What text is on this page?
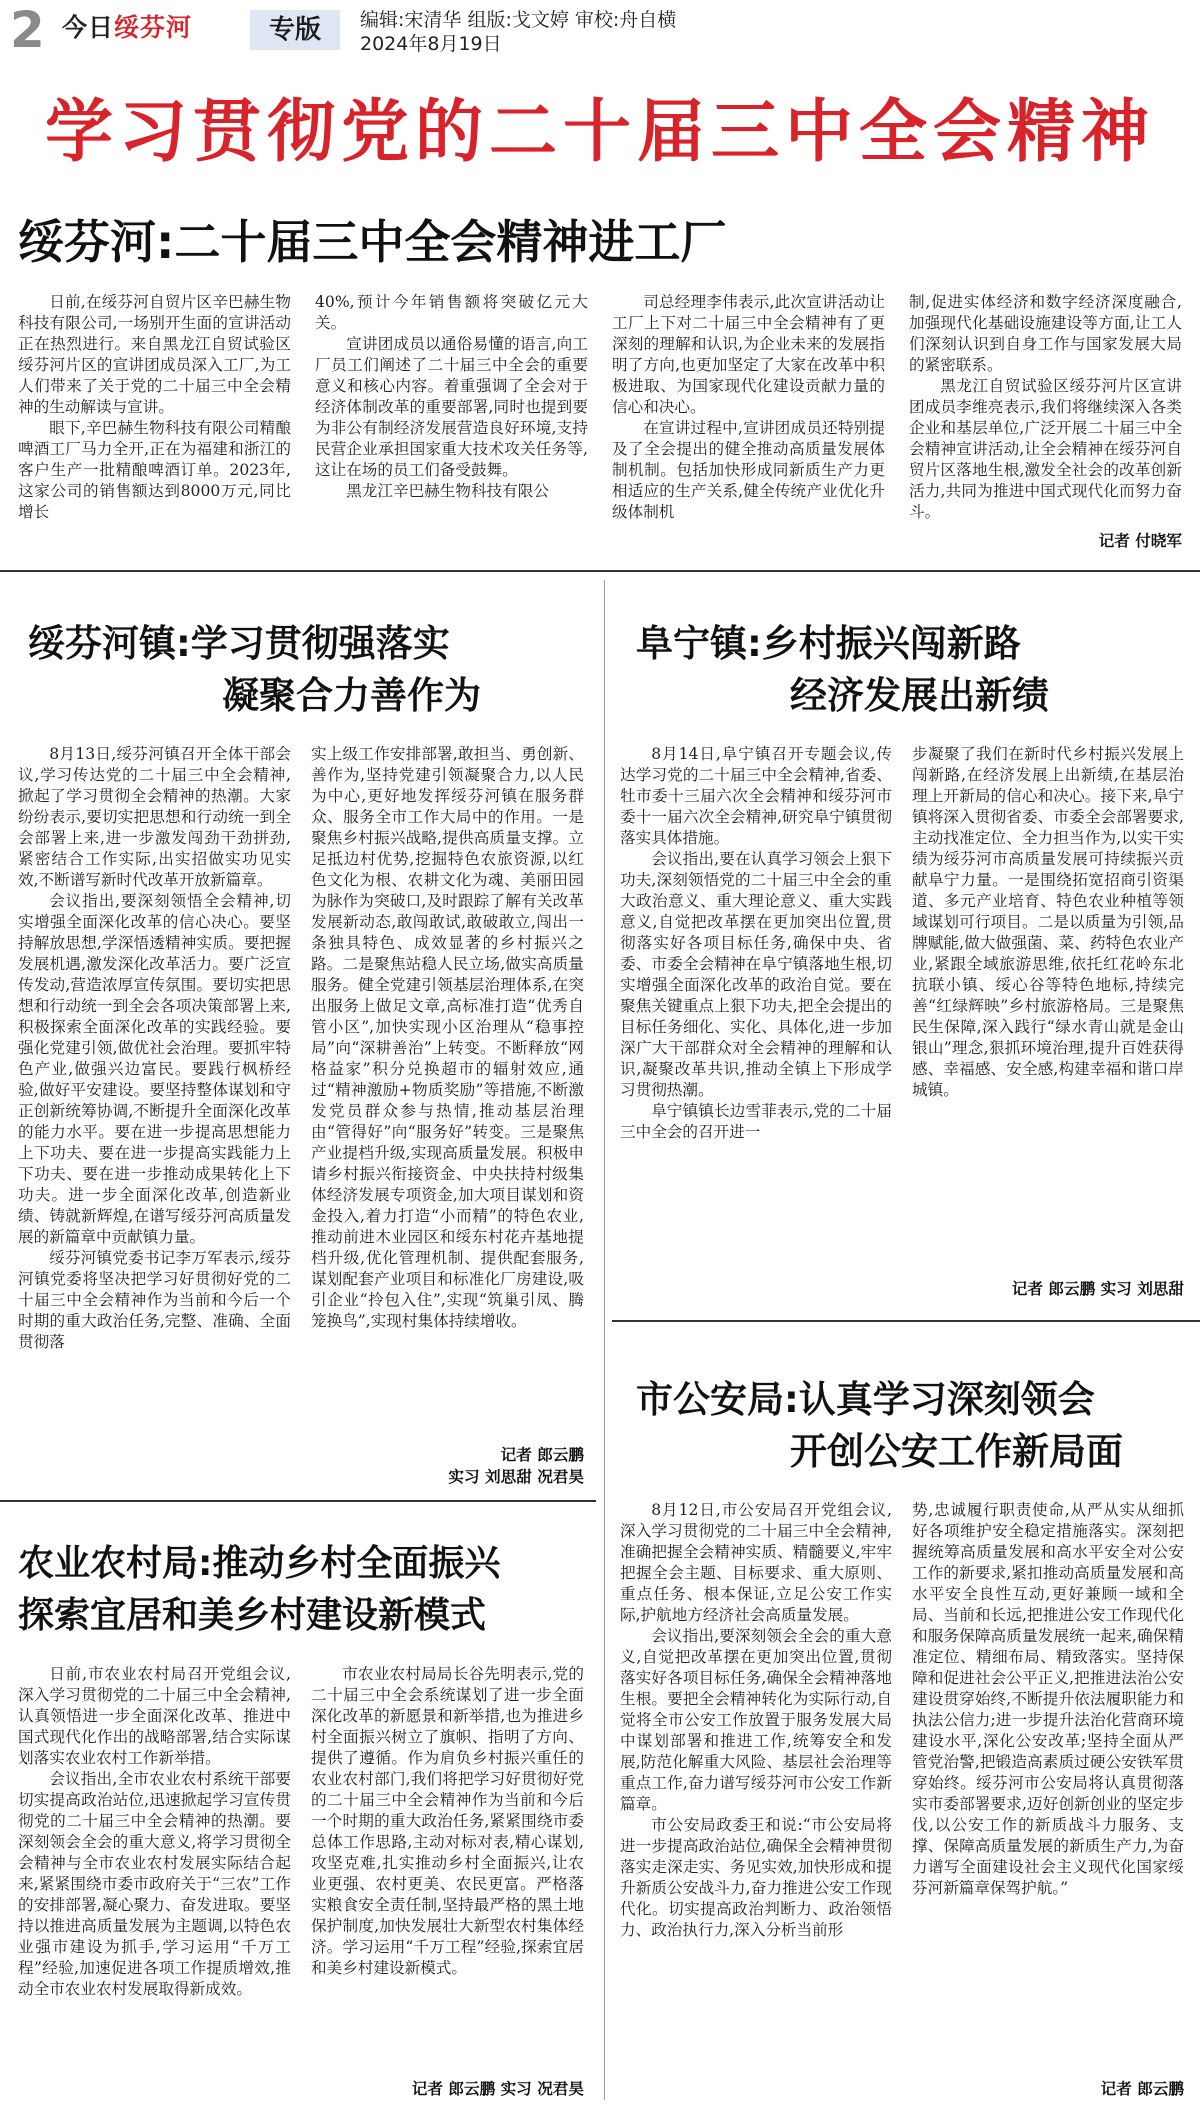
2 今日绥芬河	专版	编辑:宋清华 组版:戈文婷 审校:舟自横
2024年8月19日
学习贯彻党的二十届三中全会精神
绥芬河:二十届三中全会精神进工厂

日前,在绥芬河自贸片区辛巴赫生物科技有限公司,一场别开生面的宣讲活动正在热烈进行。来自黑龙江自贸试验区绥芬河片区的宣讲团成员深入工厂,为工人们带来了关于党的二十届三中全会精神的生动解读与宣讲。

眼下,辛巴赫生物科技有限公司精酿啤酒工厂马力全开,正在为福建和浙江的客户生产一批精酿啤酒订单。2023年,这家公司的销售额达到8000万元,同比增长

40%,预计今年销售额将突破亿元大关。

宣讲团成员以通俗易懂的语言,向工厂员工们阐述了二十届三中全会的重要意义和核心内容。着重强调了全会对于经济体制改革的重要部署,同时也提到要为非公有制经济发展营造良好环境,支持民营企业承担国家重大技术攻关任务等,这让在场的员工们备受鼓舞。

黑龙江辛巴赫生物科技有限公

司总经理李伟表示,此次宣讲活动让工厂上下对二十届三中全会精神有了更深刻的理解和认识,为企业未来的发展指明了方向,也更加坚定了大家在改革中积极进取、为国家现代化建设贡献力量的信心和决心。

在宣讲过程中,宣讲团成员还特别提及了全会提出的健全推动高质量发展体制机制。包括加快形成同新质生产力更相适应的生产关系,健全传统产业优化升级体制机

制,促进实体经济和数字经济深度融合,加强现代化基础设施建设等方面,让工人们深刻认识到自身工作与国家发展大局的紧密联系。

黑龙江自贸试验区绥芬河片区宣讲团成员李维亮表示,我们将继续深入各类企业和基层单位,广泛开展二十届三中全会精神宣讲活动,让全会精神在绥芬河自贸片区落地生根,激发全社会的改革创新活力,共同为推进中国式现代化而努力奋斗。

记者 付晓军
绥芬河镇:学习贯彻强落实
凝聚合力善作为

8月13日,绥芬河镇召开全体干部会议,学习传达党的二十届三中全会精神,掀起了学习贯彻全会精神的热潮。大家纷纷表示,要切实把思想和行动统一到全会部署上来,进一步激发闯劲干劲拼劲,紧密结合工作实际,出实招做实功见实效,不断谱写新时代改革开放新篇章。

会议指出,要深刻领悟全会精神,切实增强全面深化改革的信心决心。要坚持解放思想,学深悟透精神实质。要把握发展机遇,激发深化改革活力。要广泛宣传发动,营造浓厚宣传氛围。要切实把思想和行动统一到全会各项决策部署上来,积极探索全面深化改革的实践经验。要强化党建引领,做优社会治理。要抓牢特色产业,做强兴边富民。要践行枫桥经验,做好平安建设。要坚持整体谋划和守正创新统筹协调,不断提升全面深化改革的能力水平。要在进一步提高思想能力上下功夫、要在进一步提高实践能力上下功夫、要在进一步推动成果转化上下功夫。进一步全面深化改革,创造新业绩、铸就新辉煌,在谱写绥芬河高质量发展的新篇章中贡献镇力量。

绥芬河镇党委书记李万军表示,绥芬河镇党委将坚决把学习好贯彻好党的二十届三中全会精神作为当前和今后一个时期的重大政治任务,完整、准确、全面贯彻落

实上级工作安排部署,敢担当、勇创新、善作为,坚持党建引领凝聚合力,以人民为中心,更好地发挥绥芬河镇在服务群众、服务全市工作大局中的作用。一是聚焦乡村振兴战略,提供高质量支撑。立足抵边村优势,挖掘特色农旅资源,以红色文化为根、农耕文化为魂、美丽田园为脉作为突破口,及时跟踪了解有关改革发展新动态,敢闯敢试,敢破敢立,闯出一条独具特色、成效显著的乡村振兴之路。二是聚焦站稳人民立场,做实高质量服务。健全党建引领基层治理体系,在突出服务上做足文章,高标准打造“优秀自管小区”,加快实现小区治理从“稳事控局”向“深耕善治”上转变。不断释放“网格益家”积分兑换超市的辐射效应,通过“精神激励+物质奖励”等措施,不断激发党员群众参与热情,推动基层治理由“管得好”向“服务好”转变。三是聚焦产业提档升级,实现高质量发展。积极申请乡村振兴衔接资金、中央扶持村级集体经济发展专项资金,加大项目谋划和资金投入,着力打造“小而精”的特色农业,推动前进木业园区和绥东村花卉基地提档升级,优化管理机制、提供配套服务,谋划配套产业项目和标准化厂房建设,吸引企业“拎包入住”,实现“筑巢引凤、腾笼换鸟”,实现村集体持续增收。

记者 郎云鹏
实习 刘思甜 况君昊
阜宁镇:乡村振兴闯新路
经济发展出新绩

8月14日,阜宁镇召开专题会议,传达学习党的二十届三中全会精神,省委、牡市委十三届六次全会精神和绥芬河市委十一届六次全会精神,研究阜宁镇贯彻落实具体措施。

会议指出,要在认真学习领会上狠下功夫,深刻领悟党的二十届三中全会的重大政治意义、重大理论意义、重大实践意义,自觉把改革摆在更加突出位置,贯彻落实好各项目标任务,确保中央、省委、市委全会精神在阜宁镇落地生根,切实增强全面深化改革的政治自觉。要在聚焦关键重点上狠下功夫,把全会提出的目标任务细化、实化、具体化,进一步加深广大干部群众对全会精神的理解和认识,凝聚改革共识,推动全镇上下形成学习贯彻热潮。

阜宁镇镇长边雪菲表示,党的二十届三中全会的召开进一

步凝聚了我们在新时代乡村振兴发展上闯新路,在经济发展上出新绩,在基层治理上开新局的信心和决心。接下来,阜宁镇将深入贯彻省委、市委全会部署要求,主动找准定位、全力担当作为,以实干实绩为绥芬河市高质量发展可持续振兴贡献阜宁力量。一是围绕拓宽招商引资渠道、多元产业培育、特色农业种植等领域谋划可行项目。二是以质量为引领,品牌赋能,做大做强菌、菜、药特色农业产业,紧跟全域旅游思维,依托红花岭东北抗联小镇、绥心谷等特色地标,持续完善“红绿辉映”乡村旅游格局。三是聚焦民生保障,深入践行“绿水青山就是金山银山”理念,狠抓环境治理,提升百姓获得感、幸福感、安全感,构建幸福和谐口岸城镇。

记者 郎云鹏 实习 刘思甜
市公安局:认真学习深刻领会
开创公安工作新局面

8月12日,市公安局召开党组会议,深入学习贯彻党的二十届三中全会精神,准确把握全会精神实质、精髓要义,牢牢把握全会主题、目标要求、重大原则、重点任务、根本保证,立足公安工作实际,护航地方经济社会高质量发展。

会议指出,要深刻领会全会的重大意义,自觉把改革摆在更加突出位置,贯彻落实好各项目标任务,确保全会精神落地生根。要把全会精神转化为实际行动,自觉将全市公安工作放置于服务发展大局中谋划部署和推进工作,统筹安全和发展,防范化解重大风险、基层社会治理等重点工作,奋力谱写绥芬河市公安工作新篇章。

市公安局政委王和说:“市公安局将进一步提高政治站位,确保全会精神贯彻落实走深走实、务见实效,加快形成和提升新质公安战斗力,奋力推进公安工作现代化。切实提高政治判断力、政治领悟力、政治执行力,深入分析当前形

势,忠诚履行职责使命,从严从实从细抓好各项维护安全稳定措施落实。深刻把握统筹高质量发展和高水平安全对公安工作的新要求,紧扣推动高质量发展和高水平安全良性互动,更好兼顾一域和全局、当前和长远,把推进公安工作现代化和服务保障高质量发展统一起来,确保精准定位、精细布局、精致落实。坚持保障和促进社会公平正义,把推进法治公安建设贯穿始终,不断提升依法履职能力和执法公信力;进一步提升法治化营商环境建设水平,深化公安改革;坚持全面从严管党治警,把锻造高素质过硬公安铁军贯穿始终。绥芬河市公安局将认真贯彻落实市委部署要求,迈好创新创业的坚定步伐,以公安工作的新质战斗力服务、支撑、保障高质量发展的新质生产力,为奋力谱写全面建设社会主义现代化国家绥芬河新篇章保驾护航。”

记者 郎云鹏
农业农村局:推动乡村全面振兴
探索宜居和美乡村建设新模式

日前,市农业农村局召开党组会议,深入学习贯彻党的二十届三中全会精神,认真领悟进一步全面深化改革、推进中国式现代化作出的战略部署,结合实际谋划落实农业农村工作新举措。

会议指出,全市农业农村系统干部要切实提高政治站位,迅速掀起学习宣传贯彻党的二十届三中全会精神的热潮。要深刻领会全会的重大意义,将学习贯彻全会精神与全市农业农村发展实际结合起来,紧紧围绕市委市政府关于“三农”工作的安排部署,凝心聚力、奋发进取。要坚持以推进高质量发展为主题调,以特色农业强市建设为抓手,学习运用“千万工程”经验,加速促进各项工作提质增效,推动全市农业农村发展取得新成效。

市农业农村局局长谷先明表示,党的二十届三中全会系统谋划了进一步全面深化改革的新愿景和新举措,也为推进乡村全面振兴树立了旗帜、指明了方向、提供了遵循。作为肩负乡村振兴重任的农业农村部门,我们将把学习好贯彻好党的二十届三中全会精神作为当前和今后一个时期的重大政治任务,紧紧围绕市委总体工作思路,主动对标对表,精心谋划,攻坚克难,扎实推动乡村全面振兴,让农业更强、农村更美、农民更富。严格落实粮食安全责任制,坚持最严格的黑土地保护制度,加快发展壮大新型农村集体经济。学习运用“千万工程”经验,探索宜居和美乡村建设新模式。

记者 郎云鹏 实习 况君昊
